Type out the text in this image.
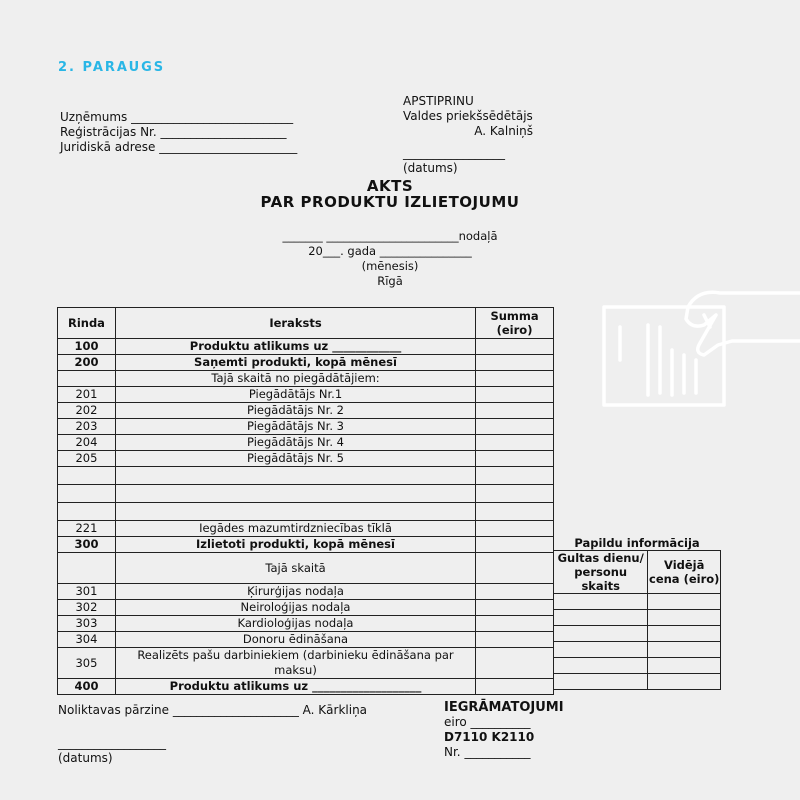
2. PARAUGS
Uzņēmums ___________________________
Reģistrācijas Nr. _____________________
Juridiskā adrese _______________________
APSTIPRINU
Valdes priekšsēdētājs
A. Kalniņš
_________________
(datums)
AKTS
PAR PRODUKTU IZLIETOJUMU
_______ _______________________nodaļā
20___. gada ________________
(mēnesis)
Rīgā
Rinda	Ieraksts	Summa (eiro)
100	Produktu atlikums uz ____________	
200	Saņemti produkti, kopā mēnesī	
	Tajā skaitā no piegādātājiem:	
201	Piegādātājs Nr.1	
202	Piegādātājs Nr. 2	
203	Piegādātājs Nr. 3	
204	Piegādātājs Nr. 4	
205	Piegādātājs Nr. 5	

221	Iegādes mazumtirdzniecības tīklā	
300	Izlietoti produkti, kopā mēnesī	
	Tajā skaitā	
301	Ķirurģijas nodaļa	
302	Neiroloģijas nodaļa	
303	Kardioloģijas nodaļa	
304	Donoru ēdināšana	
305	Realizēts pašu darbiniekiem (darbinieku ēdināšana par maksu)	
400	Produktu atlikums uz ___________________	
Papildu informācija
Gultas dienu/ personu skaits	Vidējā cena (eiro)

Noliktavas pārzine _____________________ A. Kārkliņa
__________________
(datums)
IEGRĀMATOJUMI
eiro __________
D7110 K2110
Nr. ___________
